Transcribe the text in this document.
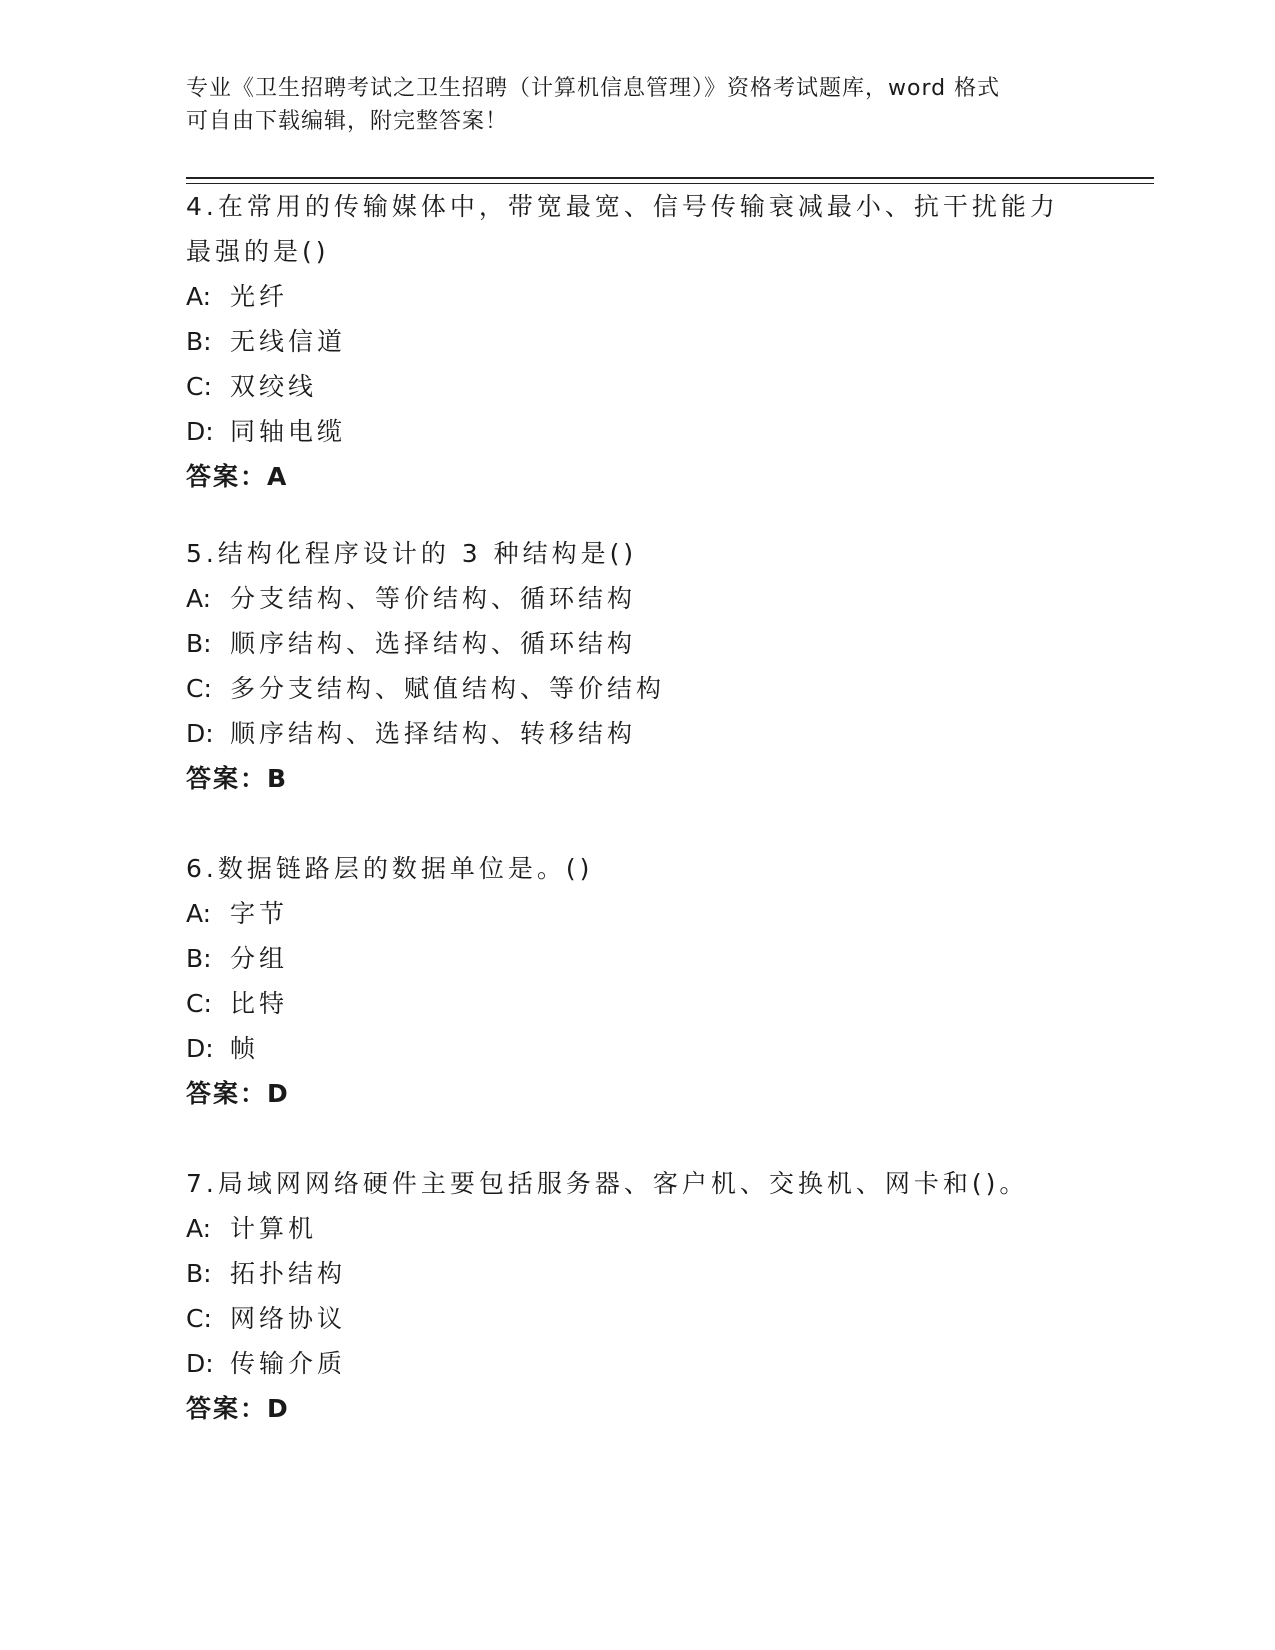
专业《卫生招聘考试之卫生招聘（计算机信息管理）》资格考试题库，word 格式
可自由下载编辑，附完整答案！
4.在常用的传输媒体中，带宽最宽、信号传输衰减最小、抗干扰能力
最强的是()
A: 光纤
B: 无线信道
C: 双绞线
D: 同轴电缆
答案：A
5.结构化程序设计的 3 种结构是()
A: 分支结构、等价结构、循环结构
B: 顺序结构、选择结构、循环结构
C: 多分支结构、赋值结构、等价结构
D: 顺序结构、选择结构、转移结构
答案：B
6.数据链路层的数据单位是。()
A: 字节
B: 分组
C: 比特
D: 帧
答案：D
7.局域网网络硬件主要包括服务器、客户机、交换机、网卡和()。
A: 计算机
B: 拓扑结构
C: 网络协议
D: 传输介质
答案：D
